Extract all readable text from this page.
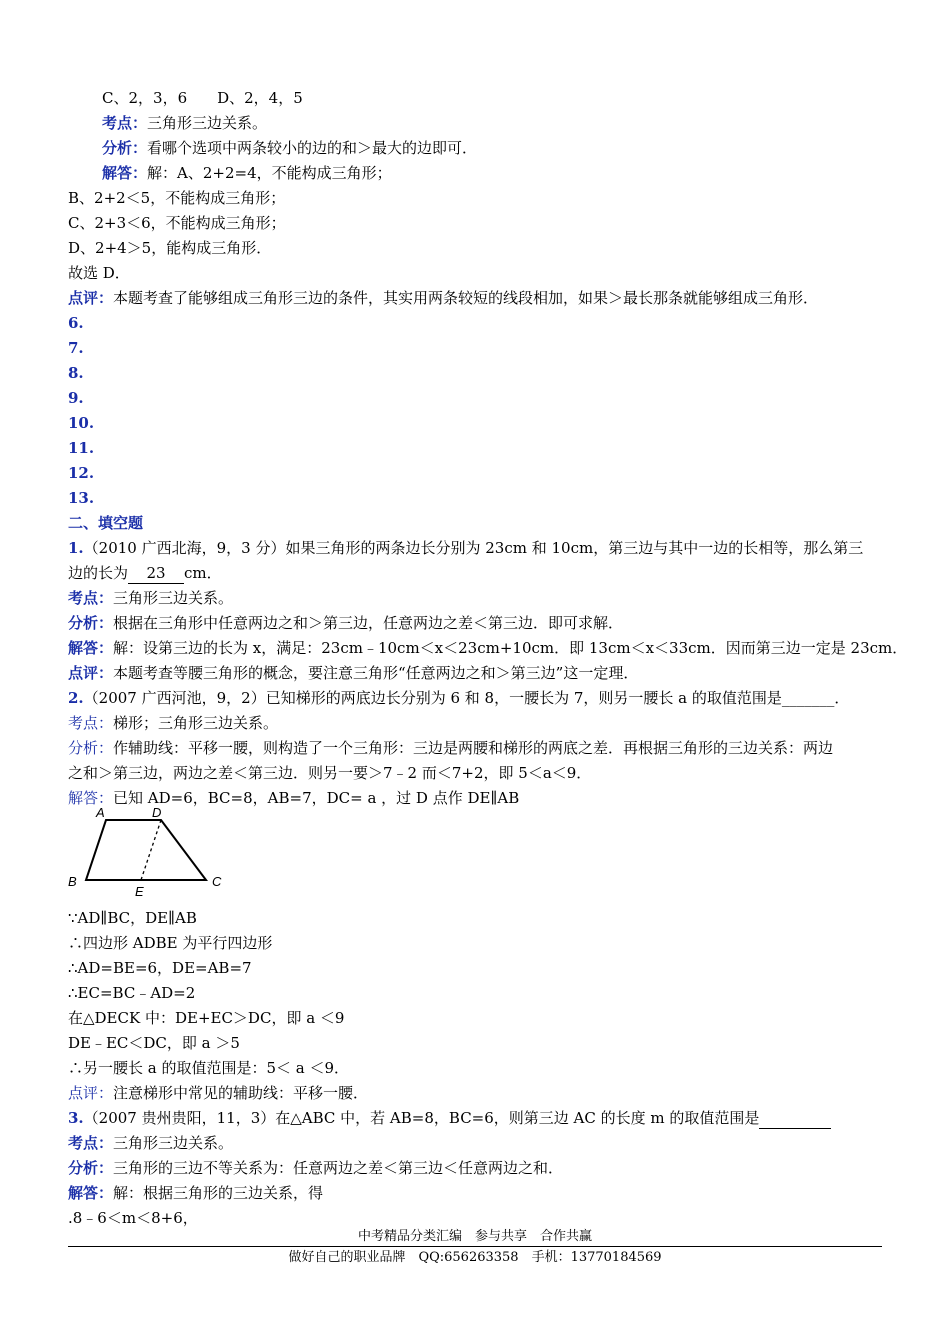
C、2，3，6　　D、2，4，5
考点：三角形三边关系。
分析：看哪个选项中两条较小的边的和＞最大的边即可．
解答：解：A、2+2=4，不能构成三角形；
B、2+2＜5，不能构成三角形；
C、2+3＜6，不能构成三角形；
D、2+4＞5，能构成三角形．
故选 D．
点评：本题考查了能够组成三角形三边的条件，其实用两条较短的线段相加，如果＞最长那条就能够组成三角形．
6.
7.
8.
9.
10.
11.
12.
13.
二、填空题
1.（2010 广西北海，9，3 分）如果三角形的两条边长分别为 23cm 和 10cm，第三边与其中一边的长相等，那么第三
边的长为 23 cm．
考点：三角形三边关系。
分析：根据在三角形中任意两边之和＞第三边，任意两边之差＜第三边．即可求解．
解答：解：设第三边的长为 x，满足：23cm﹣10cm＜x＜23cm+10cm．即 13cm＜x＜33cm．因而第三边一定是 23cm．
点评：本题考查等腰三角形的概念，要注意三角形“任意两边之和＞第三边”这一定理．
2.（2007 广西河池，9，2）已知梯形的两底边长分别为 6 和 8，一腰长为 7，则另一腰长 a 的取值范围是_______．
考点：梯形；三角形三边关系。
分析：作辅助线：平移一腰，则构造了一个三角形：三边是两腰和梯形的两底之差．再根据三角形的三边关系：两边
之和＞第三边，两边之差＜第三边．则另一要＞7﹣2 而＜7+2，即 5＜a＜9．
解答：已知 AD=6，BC=8，AB=7，DC= a ，过 D 点作 DE∥AB
A	D
B
E
C
∵AD∥BC，DE∥AB
∴四边形 ADBE 为平行四边形
∴AD=BE=6，DE=AB=7
∴EC=BC﹣AD=2
在△DECK 中：DE+EC＞DC，即 a ＜9
DE﹣EC＜DC，即 a ＞5
∴另一腰长 a 的取值范围是：5＜ a ＜9．
点评：注意梯形中常见的辅助线：平移一腰．
3.（2007 贵州贵阳，11，3）在△ABC 中，若 AB=8，BC=6，则第三边 AC 的长度 m 的取值范围是
考点：三角形三边关系。
分析：三角形的三边不等关系为：任意两边之差＜第三边＜任意两边之和．
解答：解：根据三角形的三边关系，得
.8﹣6＜m＜8+6，
中考精品分类汇编　参与共享　合作共赢
做好自己的职业品牌　QQ:656263358　手机：13770184569
